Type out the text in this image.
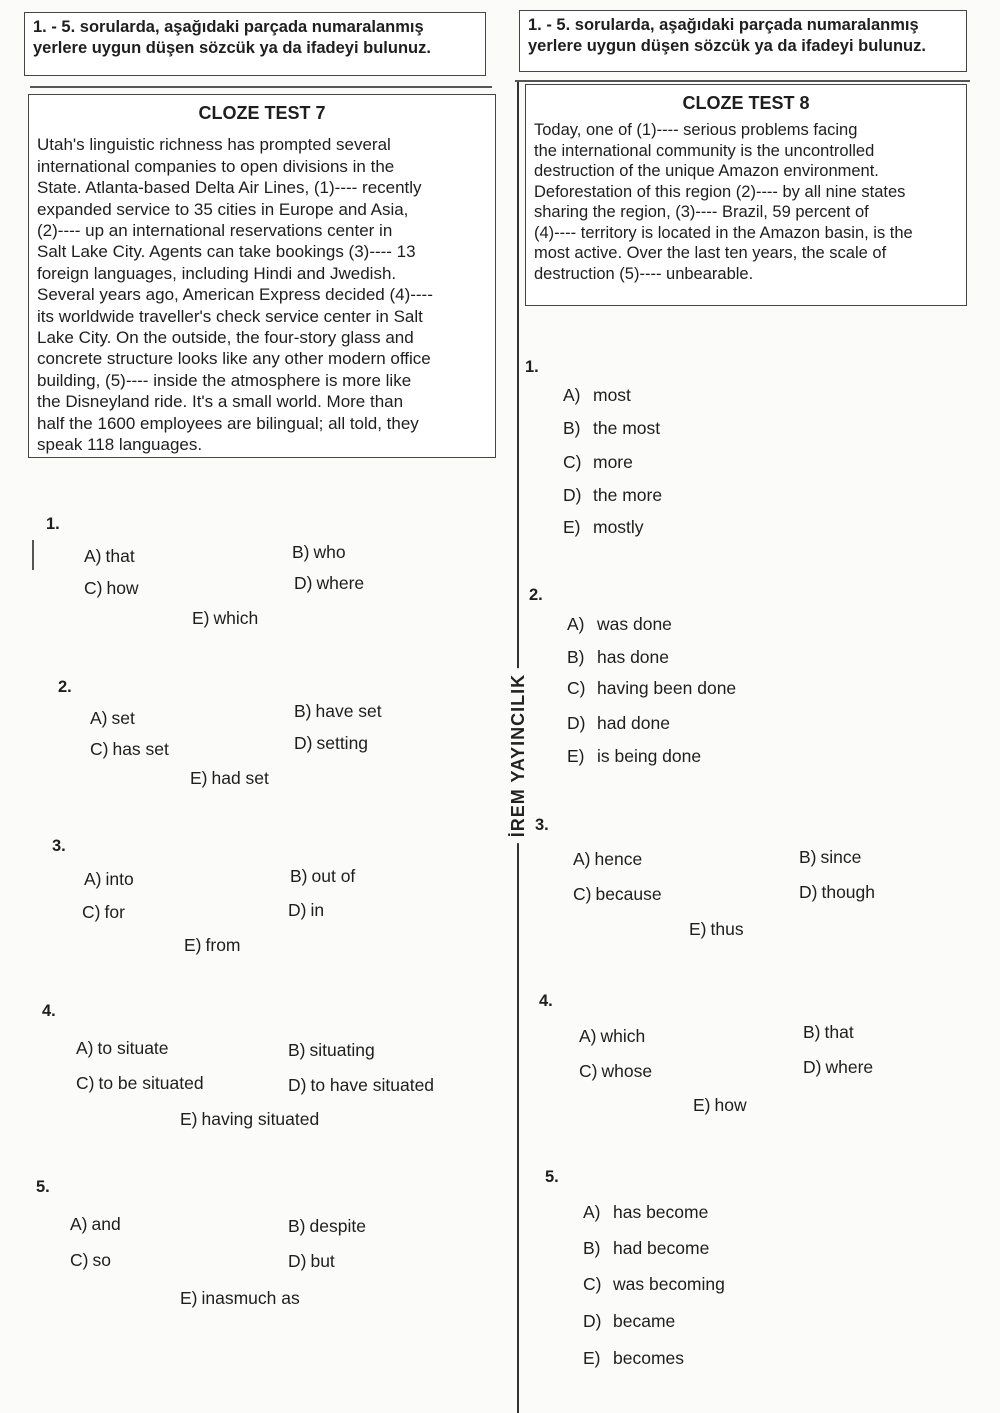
1. - 5. sorularda, aşağıdaki parçada numaralanmış yerlere uygun düşen sözcük ya da ifadeyi bulunuz.
CLOZE TEST 7
Utah's linguistic richness has prompted several
international companies to open divisions in the
State. Atlanta-based Delta Air Lines, (1)---- recently
expanded service to 35 cities in Europe and Asia,
(2)---- up an international reservations center in
Salt Lake City. Agents can take bookings (3)---- 13
foreign languages, including Hindi and Jwedish.
Several years ago, American Express decided (4)----
its worldwide traveller's check service center in Salt
Lake City. On the outside, the four-story glass and
concrete structure looks like any other modern office
building, (5)---- inside the atmosphere is more like
the Disneyland ride. It's a small world. More than
half the 1600 employees are bilingual; all told, they
speak 118 languages.
1.
A) that	B) who
C) how	D) where
E) which
2.
A) set	B) have set
C) has set	D) setting
E) had set
3.
A) into	B) out of
C) for	D) in
E) from
4.
A) to situate	B) situating
C) to be situated	D) to have situated
E) having situated
5.
A) and	B) despite
C) so	D) but
E) inasmuch as
İREM YAYINCILIK
1. - 5. sorularda, aşağıdaki parçada numaralanmış yerlere uygun düşen sözcük ya da ifadeyi bulunuz.
CLOZE TEST 8
Today, one of (1)---- serious problems facing
the international community is the uncontrolled
destruction of the unique Amazon environment.
Deforestation of this region (2)---- by all nine states
sharing the region, (3)---- Brazil, 59 percent of
(4)---- territory is located in the Amazon basin, is the
most active. Over the last ten years, the scale of
destruction (5)---- unbearable.
1.
A) most
B) the most
C) more
D) the more
E) mostly
2.
A) was done
B) has done
C) having been done
D) had done
E) is being done
3.
A) hence	B) since
C) because	D) though
E) thus
4.
A) which	B) that
C) whose	D) where
E) how
5.
A) has become
B) had become
C) was becoming
D) became
E) becomes
